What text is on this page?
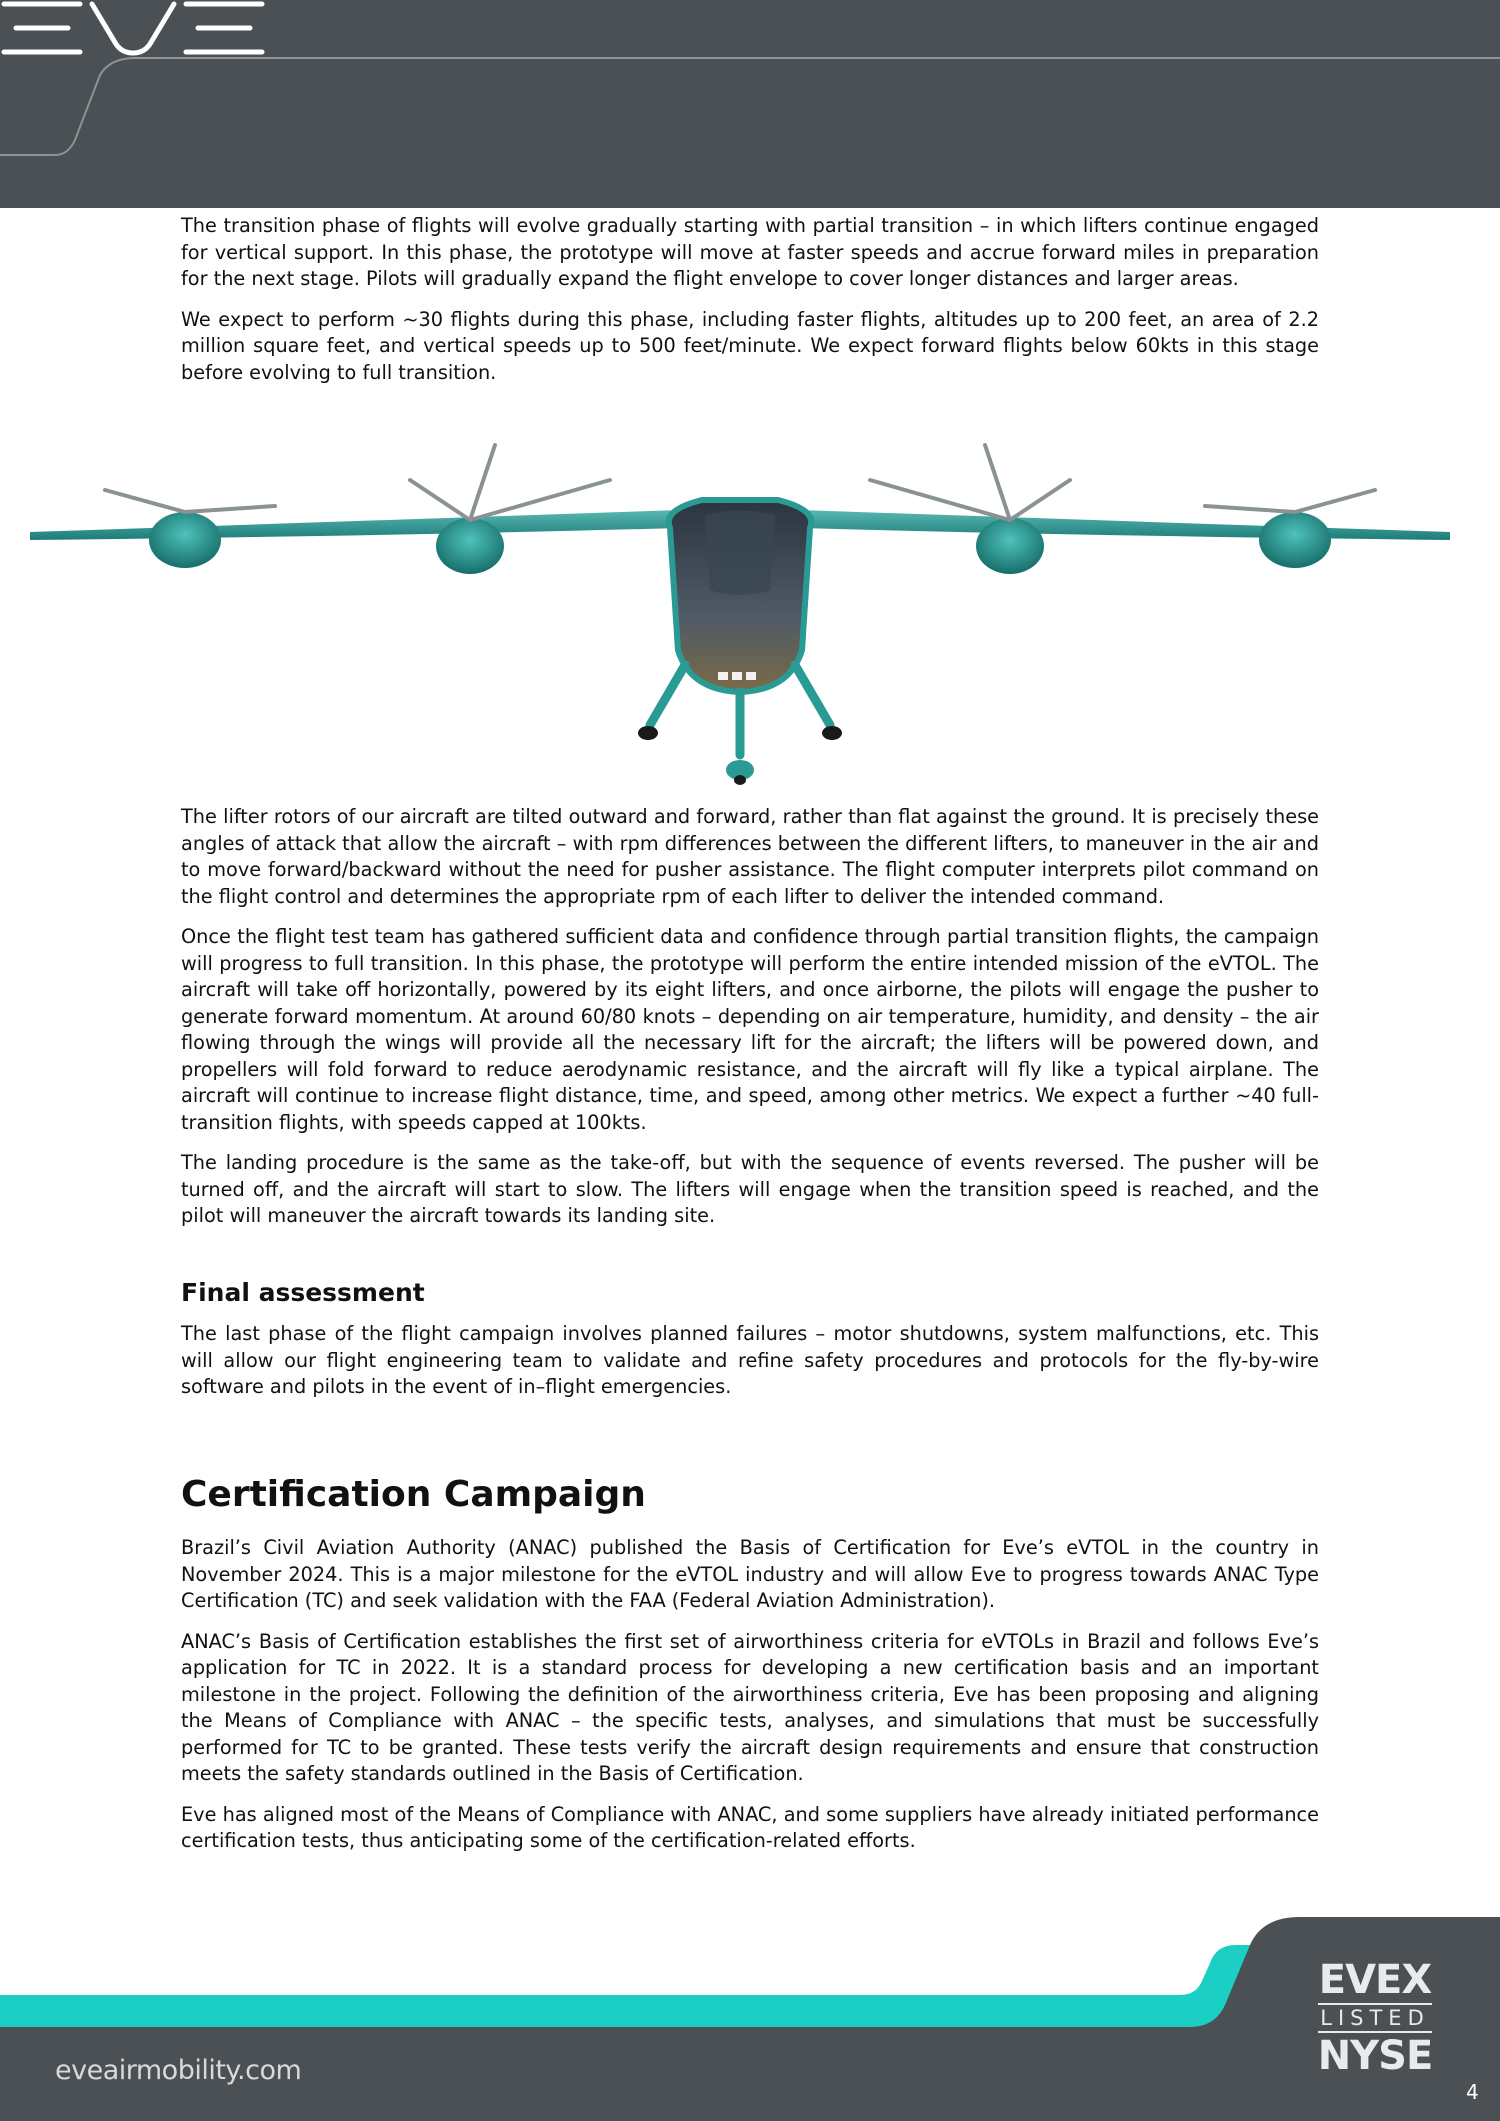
The transition phase of flights will evolve gradually starting with partial transition – in which lifters continue engaged for vertical support. In this phase, the prototype will move at faster speeds and accrue forward miles in preparation for the next stage. Pilots will gradually expand the flight envelope to cover longer distances and larger areas.

We expect to perform ~30 flights during this phase, including faster flights, altitudes up to 200 feet, an area of 2.2 million square feet, and vertical speeds up to 500 feet/minute. We expect forward flights below 60kts in this stage before evolving to full transition.

The lifter rotors of our aircraft are tilted outward and forward, rather than flat against the ground. It is precisely these angles of attack that allow the aircraft – with rpm differences between the different lifters, to maneuver in the air and to move forward/backward without the need for pusher assistance. The flight computer interprets pilot command on the flight control and determines the appropriate rpm of each lifter to deliver the intended command.

Once the flight test team has gathered sufficient data and confidence through partial transition flights, the campaign will progress to full transition. In this phase, the prototype will perform the entire intended mission of the eVTOL. The aircraft will take off horizontally, powered by its eight lifters, and once airborne, the pilots will engage the pusher to generate forward momentum. At around 60/80 knots – depending on air temperature, humidity, and density – the air flowing through the wings will provide all the necessary lift for the aircraft; the lifters will be powered down, and propellers will fold forward to reduce aerodynamic resistance, and the aircraft will fly like a typical airplane. The aircraft will continue to increase flight distance, time, and speed, among other metrics. We expect a further ~40 full-transition flights, with speeds capped at 100kts.

The landing procedure is the same as the take-off, but with the sequence of events reversed. The pusher will be turned off, and the aircraft will start to slow. The lifters will engage when the transition speed is reached, and the pilot will maneuver the aircraft towards its landing site.

Final assessment

The last phase of the flight campaign involves planned failures – motor shutdowns, system malfunctions, etc. This will allow our flight engineering team to validate and refine safety procedures and protocols for the fly-by-wire software and pilots in the event of in–flight emergencies.

Certification Campaign

Brazil’s Civil Aviation Authority (ANAC) published the Basis of Certification for Eve’s eVTOL in the country in November 2024. This is a major milestone for the eVTOL industry and will allow Eve to progress towards ANAC Type Certification (TC) and seek validation with the FAA (Federal Aviation Administration).

ANAC’s Basis of Certification establishes the first set of airworthiness criteria for eVTOLs in Brazil and follows Eve’s application for TC in 2022. It is a standard process for developing a new certification basis and an important milestone in the project. Following the definition of the airworthiness criteria, Eve has been proposing and aligning the Means of Compliance with ANAC – the specific tests, analyses, and simulations that must be successfully performed for TC to be granted. These tests verify the aircraft design requirements and ensure that construction meets the safety standards outlined in the Basis of Certification.

Eve has aligned most of the Means of Compliance with ANAC, and some suppliers have already initiated performance certification tests, thus anticipating some of the certification-related efforts.

eveairmobility.com
EVEX
LISTED
NYSE
4
